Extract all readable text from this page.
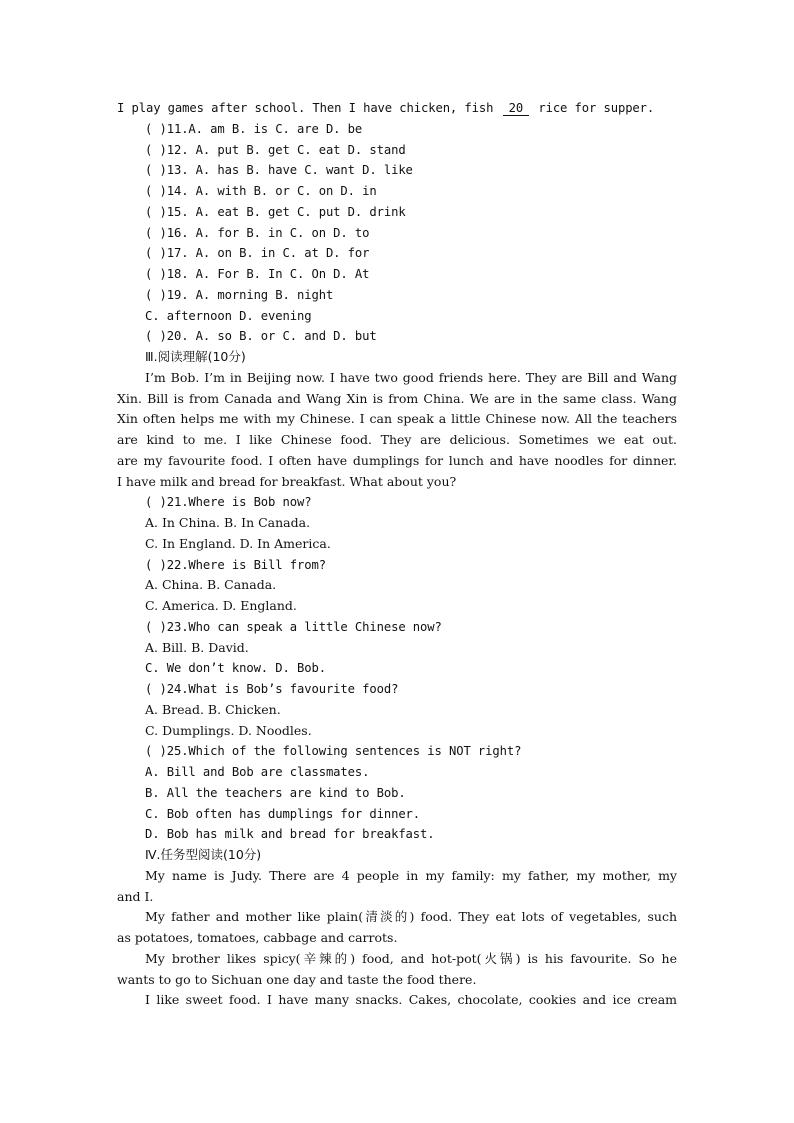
I play games after school. Then I have chicken, fish 20 rice for supper.
( )11.A. am B. is C. are D. be
( )12. A. put B. get C. eat D. stand
( )13. A. has B. have C. want D. like
( )14. A. with B. or C. on D. in
( )15. A. eat B. get C. put D. drink
( )16. A. for B. in C. on D. to
( )17. A. on B. in C. at D. for
( )18. A. For B. In C. On D. At
( )19. A. morning B. night
C. afternoon D. evening
( )20. A. so B. or C. and D. but
Ⅲ.阅读理解(10分)
I’m Bob. I’m in Beijing now. I have two good friends here. They are Bill and Wang
Xin. Bill is from Canada and Wang Xin is from China. We are in the same class. Wang
Xin often helps me with my Chinese. I can speak a little Chinese now. All the teachers
are kind to me. I like Chinese food. They are delicious. Sometimes we eat out.
are my favourite food. I often have dumplings for lunch and have noodles for dinner.
I have milk and bread for breakfast. What about you?
( )21.Where is Bob now?
A. In China. B. In Canada.
C. In England. D. In America.
( )22.Where is Bill from?
A. China. B. Canada.
C. America. D. England.
( )23.Who can speak a little Chinese now?
A. Bill. B. David.
C. We don’t know. D. Bob.
( )24.What is Bob’s favourite food?
A. Bread. B. Chicken.
C. Dumplings. D. Noodles.
( )25.Which of the following sentences is NOT right?
A. Bill and Bob are classmates.
B. All the teachers are kind to Bob.
C. Bob often has dumplings for dinner.
D. Bob has milk and bread for breakfast.
Ⅳ.任务型阅读(10分)
My name is Judy. There are 4 people in my family: my father, my mother, my
and I.
My father and mother like plain(清淡的) food. They eat lots of vegetables, such
as potatoes, tomatoes, cabbage and carrots.
My brother likes spicy(辛辣的) food, and hot-pot(火锅) is his favourite. So he
wants to go to Sichuan one day and taste the food there.
I like sweet food. I have many snacks. Cakes, chocolate, cookies and ice cream
